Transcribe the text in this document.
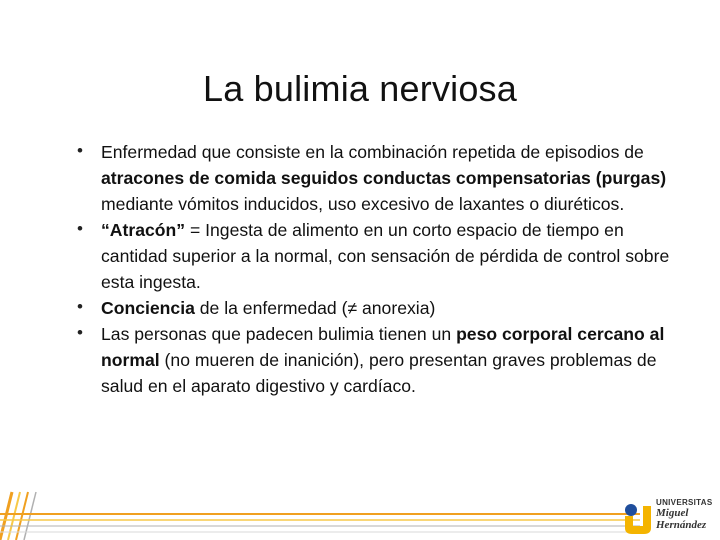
La bulimia nerviosa
• Enfermedad que consiste en la combinación repetida de episodios de atracones de comida seguidos conductas compensatorias (purgas) mediante vómitos inducidos, uso excesivo de laxantes o diuréticos.
• “Atracón” = Ingesta de alimento en un corto espacio de tiempo en cantidad superior a la normal, con sensación de pérdida de control sobre esta ingesta.
• Conciencia de la enfermedad (≠ anorexia)
• Las personas que padecen bulimia tienen un peso corporal cercano al normal (no mueren de inanición), pero presentan graves problemas de salud en el aparato digestivo y cardíaco.
UNIVERSITAS
Miguel
Hernández
